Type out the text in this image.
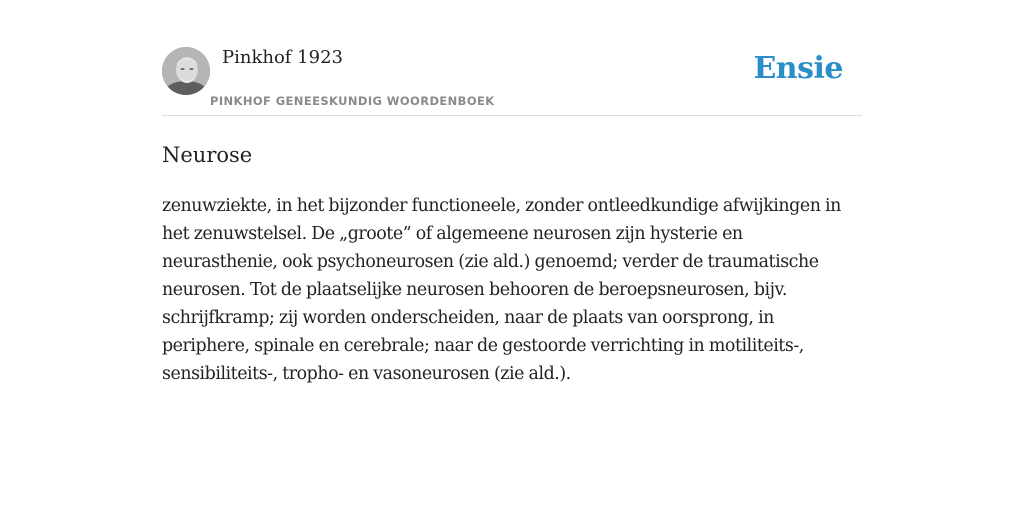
Pinkhof 1923
PINKHOF GENEESKUNDIG WOORDENBOEK
Ensie
Neurose

zenuwziekte, in het bijzonder functioneele, zonder ontleedkundige afwijkingen in het zenuwstelsel. De „groote” of algemeene neurosen zijn hysterie en neurasthenie, ook psychoneurosen (zie ald.) genoemd; verder de traumatische neurosen. Tot de plaatselijke neurosen behooren de beroepsneurosen, bijv. schrijfkramp; zij worden onderscheiden, naar de plaats van oorsprong, in periphere, spinale en cerebrale; naar de gestoorde verrichting in motiliteits-, sensibiliteits-, tropho- en vasoneurosen (zie ald.).
